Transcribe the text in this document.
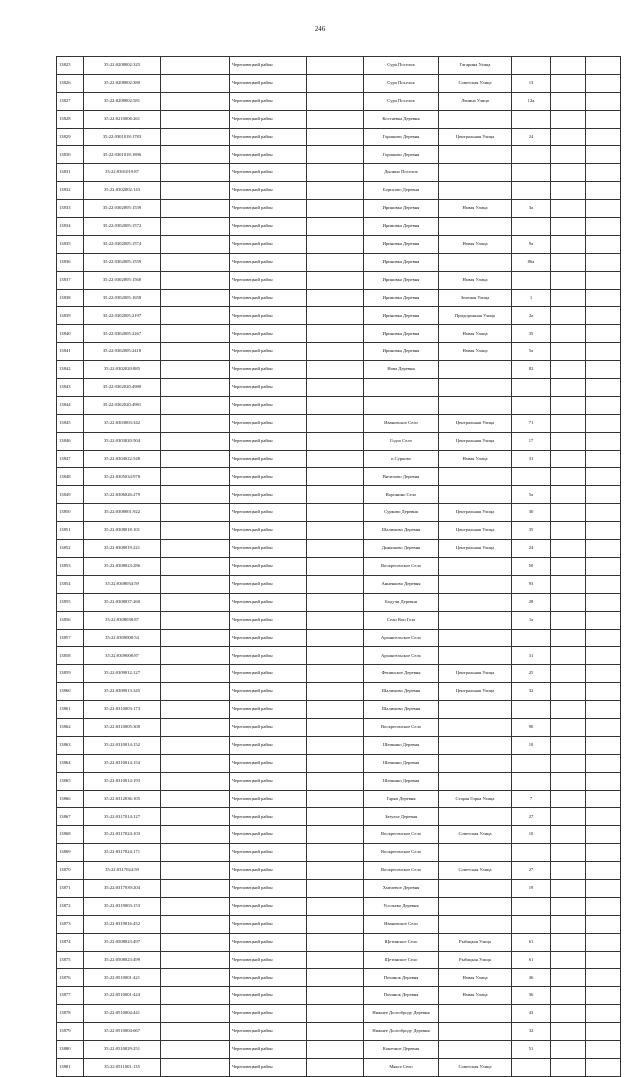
246
13825	35:22:0208002:325		Череповецкий район		Сура Поселок	Гагарина Улица			
13826	35:22:0208002:380		Череповецкий район		Сура Поселок	Советская Улица	13		
13827	35:22:0208002:581		Череповецкий район		Сура Поселок	Ленина Улица	12а		
13828	35:22:0210006:261		Череповецкий район		Костяевка Деревня				
13829	35:22:0301018:1783		Череповецкий район		Горшково Деревня	Центральная Улица	24		
13830	35:22:0301018:1896		Череповецкий район		Горшково Деревня				
13831	35:22:0301019:87		Череповецкий район		Дылино Поселок				
13832	35:22:0302002:143		Череповецкий район		Борисово Деревня				
13833	35:22:0302005:1539		Череповецкий район		Ириновка Деревня	Новая Улица	3а		
13834	35:22:0302005:1572		Череповецкий район		Ириновка Деревня				
13835	35:22:0302005:1574		Череповецкий район		Ириновка Деревня	Новая Улица	9а		
13836	35:22:0302005:1559		Череповецкий район		Ириновка Деревня		86а		
13837	35:22:0302005:1560		Череповецкий район		Ириновка Деревня	Новая Улица			
13838	35:22:0302005:1658		Череповецкий район		Ириновка Деревня	Зеленая Улица	1		
13839	35:22:0302005:2197		Череповецкий район		Ириновка Деревня	Придорожная Улица	2а		
13840	35:22:0302005:2267		Череповецкий район		Ириновка Деревня	Новая Улица	35		
13841	35:22:0302005:2418		Череповецкий район		Ириновка Деревня	Новая Улица	5а		
13842	35:22:0302020:885		Череповецкий район		Нова Деревня		82		
13843	35:22:0302020:4980		Череповецкий район						
13844	35:22:0302020:4981		Череповецкий район						
13845	35:22:0303003:342		Череповецкий район		Ивановское Село	Центральная Улица	71		
13846	35:22:0303020:504		Череповецкий район		Годзо Село	Центральная Улица	17		
13847	35:22:0304022:548		Череповецкий район		п.Сурково	Новая Улица	31		
13848	35:22:0305034:978		Череповецкий район		Вичелово Деревня				
13849	35:22:0306026:279		Череповецкий район		Воронино Село		5а		
13850	35:22:0308001:922		Череповецкий район		Сурково Деревня	Центральная Улица	30		
13851	35:22:0308018:101		Череповецкий район		Шалимово Деревня	Центральная Улица	35		
13852	35:22:0308019:221		Череповецкий район		Дьяконово Деревня	Центральная Улица	24		
13853	35:22:0308023:286		Череповецкий район		Воскресенское Село		50		
13854	35:22:0308034:59		Череповецкий район		Анненково Деревня		93		
13855	35:22:0308037:260		Череповецкий район		Бодучи Деревня		28		
13856	35:22:0308038:87		Череповецкий район		Сели Вои Гоза		1а		
13857	35:22:0309008:54		Череповецкий район		Архангельское Село				
13858	35:22:0309008:87		Череповецкий район		Архангельское Село		31		
13859	35:22:0309012:127		Череповецкий район		Фенинское Деревня	Центральная Улица	25		
13860	35:22:0309013:345		Череповецкий район		Шалимово Деревня	Центральная Улица	32		
13861	35:22:0310003:173		Череповецкий район		Шалимово Деревня				
13862	35:22:0310005:300		Череповецкий район		Воскресенское Село		90		
13863	35:22:0310014:152		Череповецкий район		Шеинино Деревня		10		
13864	35:22:0310014:154		Череповецкий район		Шеинино Деревня				
13865	35:22:0310014:193		Череповецкий район		Шеинино Деревня				
13866	35:22:0312036:105		Череповецкий район		Гаряи Деревня	Старая Горка Улица	7		
13867	35:22:0317014:127		Череповецкий район		Затулье Деревня		27		
13868	35:22:0317024:103		Череповецкий район		Воскресенское Село	Советская Улица	10		
13869	35:22:0317024:171		Череповецкий район		Воскресенское Село				
13870	35:22:0317024:59		Череповецкий район		Воскресенское Село	Советская Улица	27		
13871	35:22:0317039:204		Череповецкий район		Хмелевое Деревня		19		
13872	35:22:0319003:153		Череповецкий район		Усольево Деревня				
13873	35:22:0319016:452		Череповецкий район		Ивановское Село				
13874	35:22:0508023:497		Череповецкий район		Щетинское Село	Рыбацкая Улица	61		
13875	35:22:0508023:499		Череповецкий район		Щетинское Село	Рыбацкая Улица	61		
13876	35:22:0510001:421		Череповецкий район		Починок Деревня	Новая Улица	36		
13877	35:22:0510001:424		Череповецкий район		Починок Деревня	Новая Улица	36		
13878	35:22:0510004:441		Череповецкий район		Нижнее Долгоброду Деревня		43		
13879	35:22:0510004:667		Череповецкий район		Нижнее Долгоброду Деревня		32		
13880	35:22:0510029:251		Череповецкий район		Конечное Деревня		51		
13881	35:22:0511001:135		Череповецкий район		Мяксе Село	Советская Улица			
